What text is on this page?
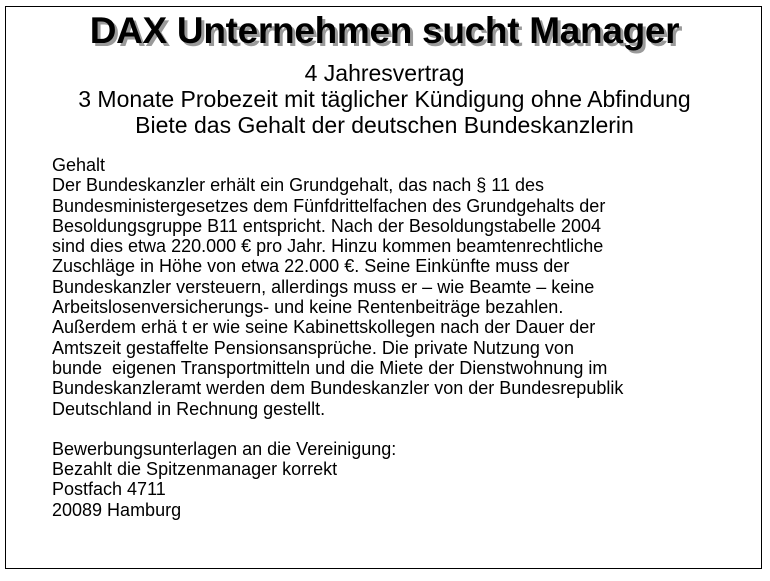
DAX Unternehmen sucht Manager
4 Jahresvertrag
3 Monate Probezeit mit täglicher Kündigung ohne Abfindung
Biete das Gehalt der deutschen Bundeskanzlerin
Gehalt
Der Bundeskanzler erhält ein Grundgehalt, das nach § 11 des
Bundesministergesetzes dem Fünfdrittelfachen des Grundgehalts der
Besoldungsgruppe B11 entspricht. Nach der Besoldungstabelle 2004
sind dies etwa 220.000 € pro Jahr. Hinzu kommen beamtenrechtliche
Zuschläge in Höhe von etwa 22.000 €. Seine Einkünfte muss der
Bundeskanzler versteuern, allerdings muss er – wie Beamte – keine
Arbeitslosenversicherungs- und keine Rentenbeiträge bezahlen.
Außerdem erhä t er wie seine Kabinettskollegen nach der Dauer der
Amtszeit gestaffelte Pensionsansprüche. Die private Nutzung von
bunde  eigenen Transportmitteln und die Miete der Dienstwohnung im
Bundeskanzleramt werden dem Bundeskanzler von der Bundesrepublik
Deutschland in Rechnung gestellt.
Bewerbungsunterlagen an die Vereinigung:
Bezahlt die Spitzenmanager korrekt
Postfach 4711
20089 Hamburg
